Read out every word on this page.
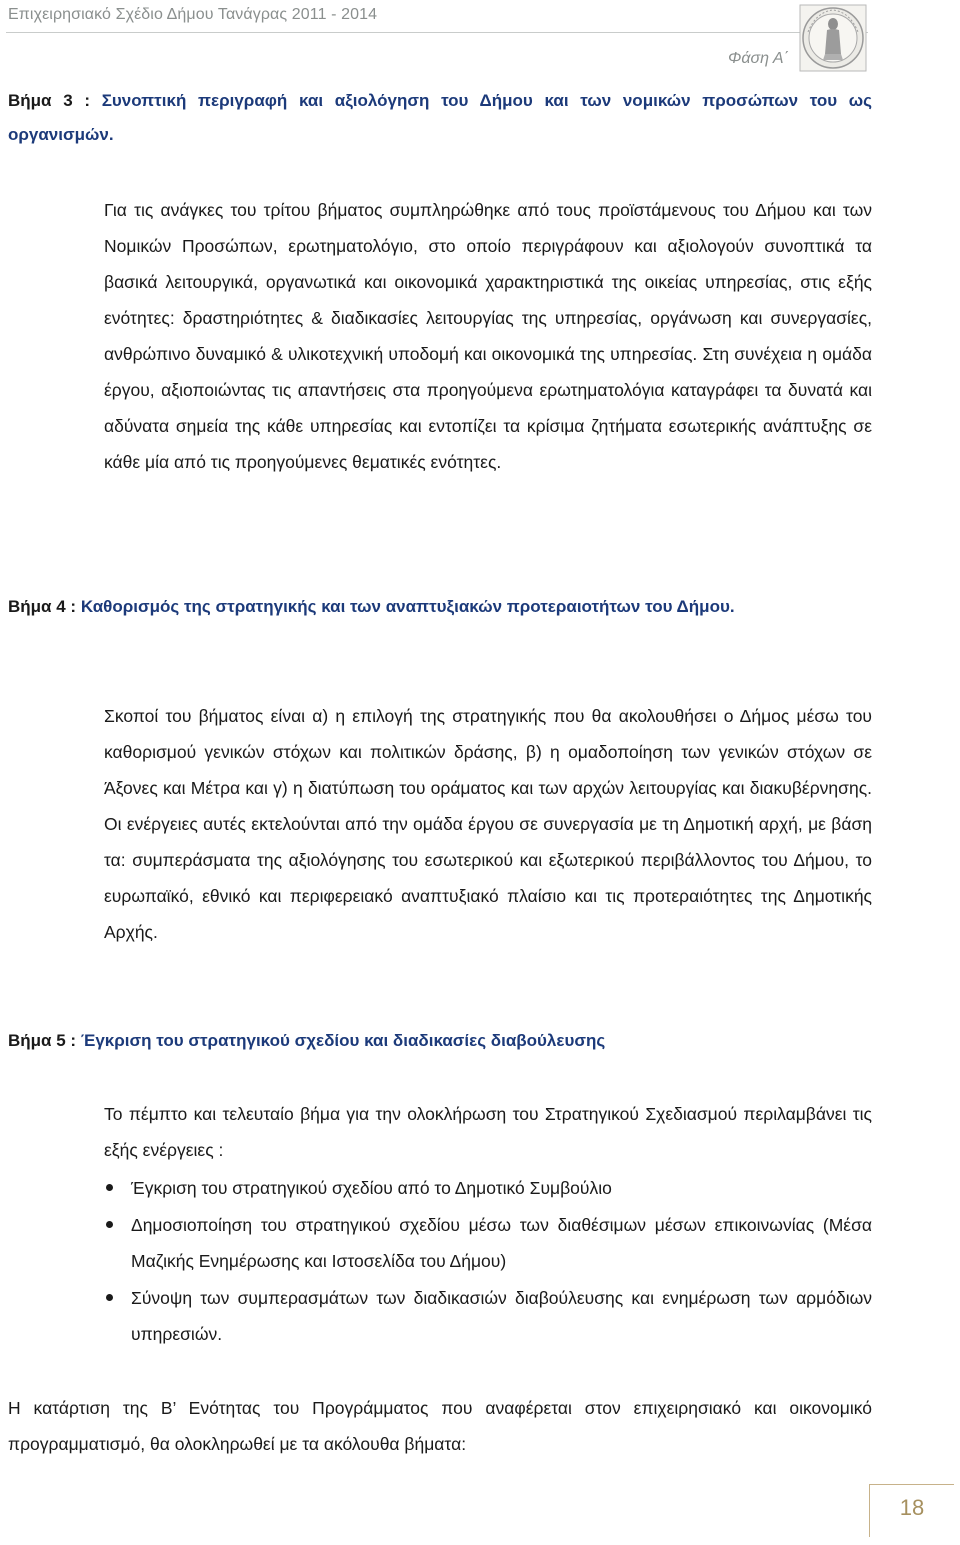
Επιχειρησιακό Σχέδιο Δήμου Τανάγρας 2011 - 2014
Φάση Α΄
Βήμα 3 : Συνοπτική περιγραφή και αξιολόγηση του Δήμου και των νομικών προσώπων του ως οργανισμών.
Για τις ανάγκες του τρίτου βήματος συμπληρώθηκε από τους προϊστάμενους του Δήμου και των Νομικών Προσώπων, ερωτηματολόγιο, στο οποίο περιγράφουν και αξιολογούν συνοπτικά τα βασικά λειτουργικά, οργανωτικά και οικονομικά χαρακτηριστικά της οικείας υπηρεσίας, στις εξής ενότητες: δραστηριότητες & διαδικασίες λειτουργίας της υπηρεσίας, οργάνωση και συνεργασίες, ανθρώπινο δυναμικό & υλικοτεχνική υποδομή και οικονομικά της υπηρεσίας. Στη συνέχεια η ομάδα έργου, αξιοποιώντας τις απαντήσεις στα προηγούμενα ερωτηματολόγια καταγράφει τα δυνατά και αδύνατα σημεία της κάθε υπηρεσίας και εντοπίζει τα κρίσιμα ζητήματα εσωτερικής ανάπτυξης σε κάθε μία από τις προηγούμενες θεματικές ενότητες.
Βήμα 4 : Καθορισμός της στρατηγικής και των αναπτυξιακών προτεραιοτήτων του Δήμου.
Σκοποί του βήματος είναι α) η επιλογή της στρατηγικής που θα ακολουθήσει ο Δήμος μέσω του καθορισμού γενικών στόχων και πολιτικών δράσης, β) η ομαδοποίηση των γενικών στόχων σε Άξονες και Μέτρα και γ) η διατύπωση του οράματος και των αρχών λειτουργίας και διακυβέρνησης. Οι ενέργειες αυτές εκτελούνται από την ομάδα έργου σε συνεργασία με τη Δημοτική αρχή, με βάση τα: συμπεράσματα της αξιολόγησης του εσωτερικού και εξωτερικού περιβάλλοντος του Δήμου, το ευρωπαϊκό, εθνικό και περιφερειακό αναπτυξιακό πλαίσιο και τις προτεραιότητες της Δημοτικής Αρχής.
Βήμα 5 : Έγκριση του στρατηγικού σχεδίου και διαδικασίες διαβούλευσης
Το πέμπτο και τελευταίο βήμα για την ολοκλήρωση του Στρατηγικού Σχεδιασμού περιλαμβάνει τις εξής ενέργειες :
Έγκριση του στρατηγικού σχεδίου από το Δημοτικό Συμβούλιο
Δημοσιοποίηση του στρατηγικού σχεδίου μέσω των διαθέσιμων μέσων επικοινωνίας (Μέσα Μαζικής Ενημέρωσης και Ιστοσελίδα του Δήμου)
Σύνοψη των συμπερασμάτων των διαδικασιών διαβούλευσης και ενημέρωση των αρμόδιων υπηρεσιών.
Η κατάρτιση της Β’ Ενότητας του Προγράμματος που αναφέρεται στον επιχειρησιακό και οικονομικό προγραμματισμό, θα ολοκληρωθεί με τα ακόλουθα βήματα:
18
